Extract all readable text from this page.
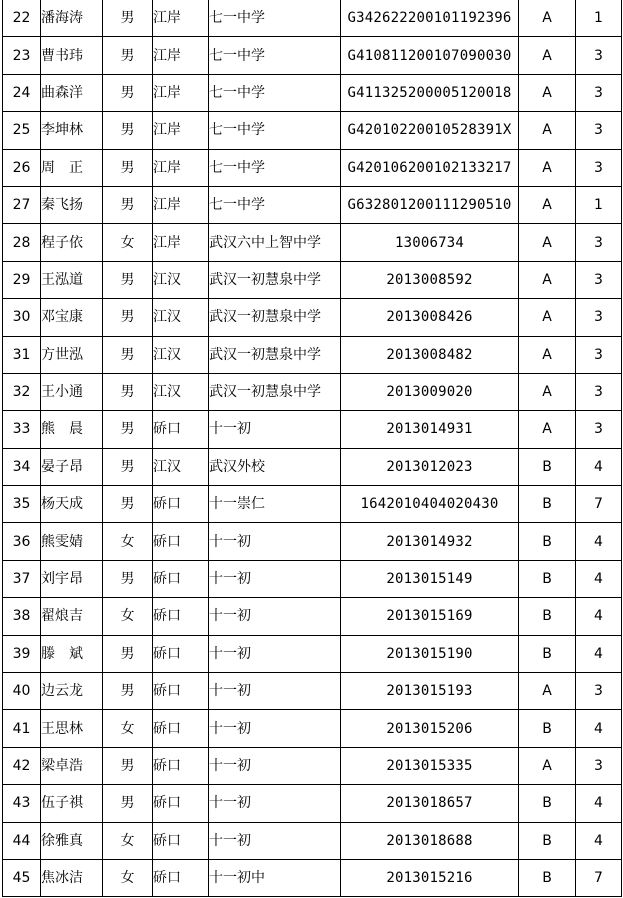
22	潘海涛	男	江岸	七一中学	G342622200101192396	A	1
23	曹书玮	男	江岸	七一中学	G410811200107090030	A	3
24	曲森洋	男	江岸	七一中学	G411325200005120018	A	3
25	李坤林	男	江岸	七一中学	G42010220010528391X	A	3
26	周　正	男	江岸	七一中学	G420106200102133217	A	3
27	秦飞扬	男	江岸	七一中学	G632801200111290510	A	1
28	程子依	女	江岸	武汉六中上智中学	13006734	A	3
29	王泓道	男	江汉	武汉一初慧泉中学	2013008592	A	3
30	邓宝康	男	江汉	武汉一初慧泉中学	2013008426	A	3
31	方世泓	男	江汉	武汉一初慧泉中学	2013008482	A	3
32	王小通	男	江汉	武汉一初慧泉中学	2013009020	A	3
33	熊　晨	男	硚口	十一初	2013014931	A	3
34	晏子昂	男	江汉	武汉外校	2013012023	B	4
35	杨天成	男	硚口	十一崇仁	1642010404020430	B	7
36	熊雯婧	女	硚口	十一初	2013014932	B	4
37	刘宇昂	男	硚口	十一初	2013015149	B	4
38	翟烺吉	女	硚口	十一初	2013015169	B	4
39	滕　斌	男	硚口	十一初	2013015190	B	4
40	边云龙	男	硚口	十一初	2013015193	A	3
41	王思林	女	硚口	十一初	2013015206	B	4
42	梁卓浩	男	硚口	十一初	2013015335	A	3
43	伍子祺	男	硚口	十一初	2013018657	B	4
44	徐雅真	女	硚口	十一初	2013018688	B	4
45	焦冰洁	女	硚口	十一初中	2013015216	B	7
